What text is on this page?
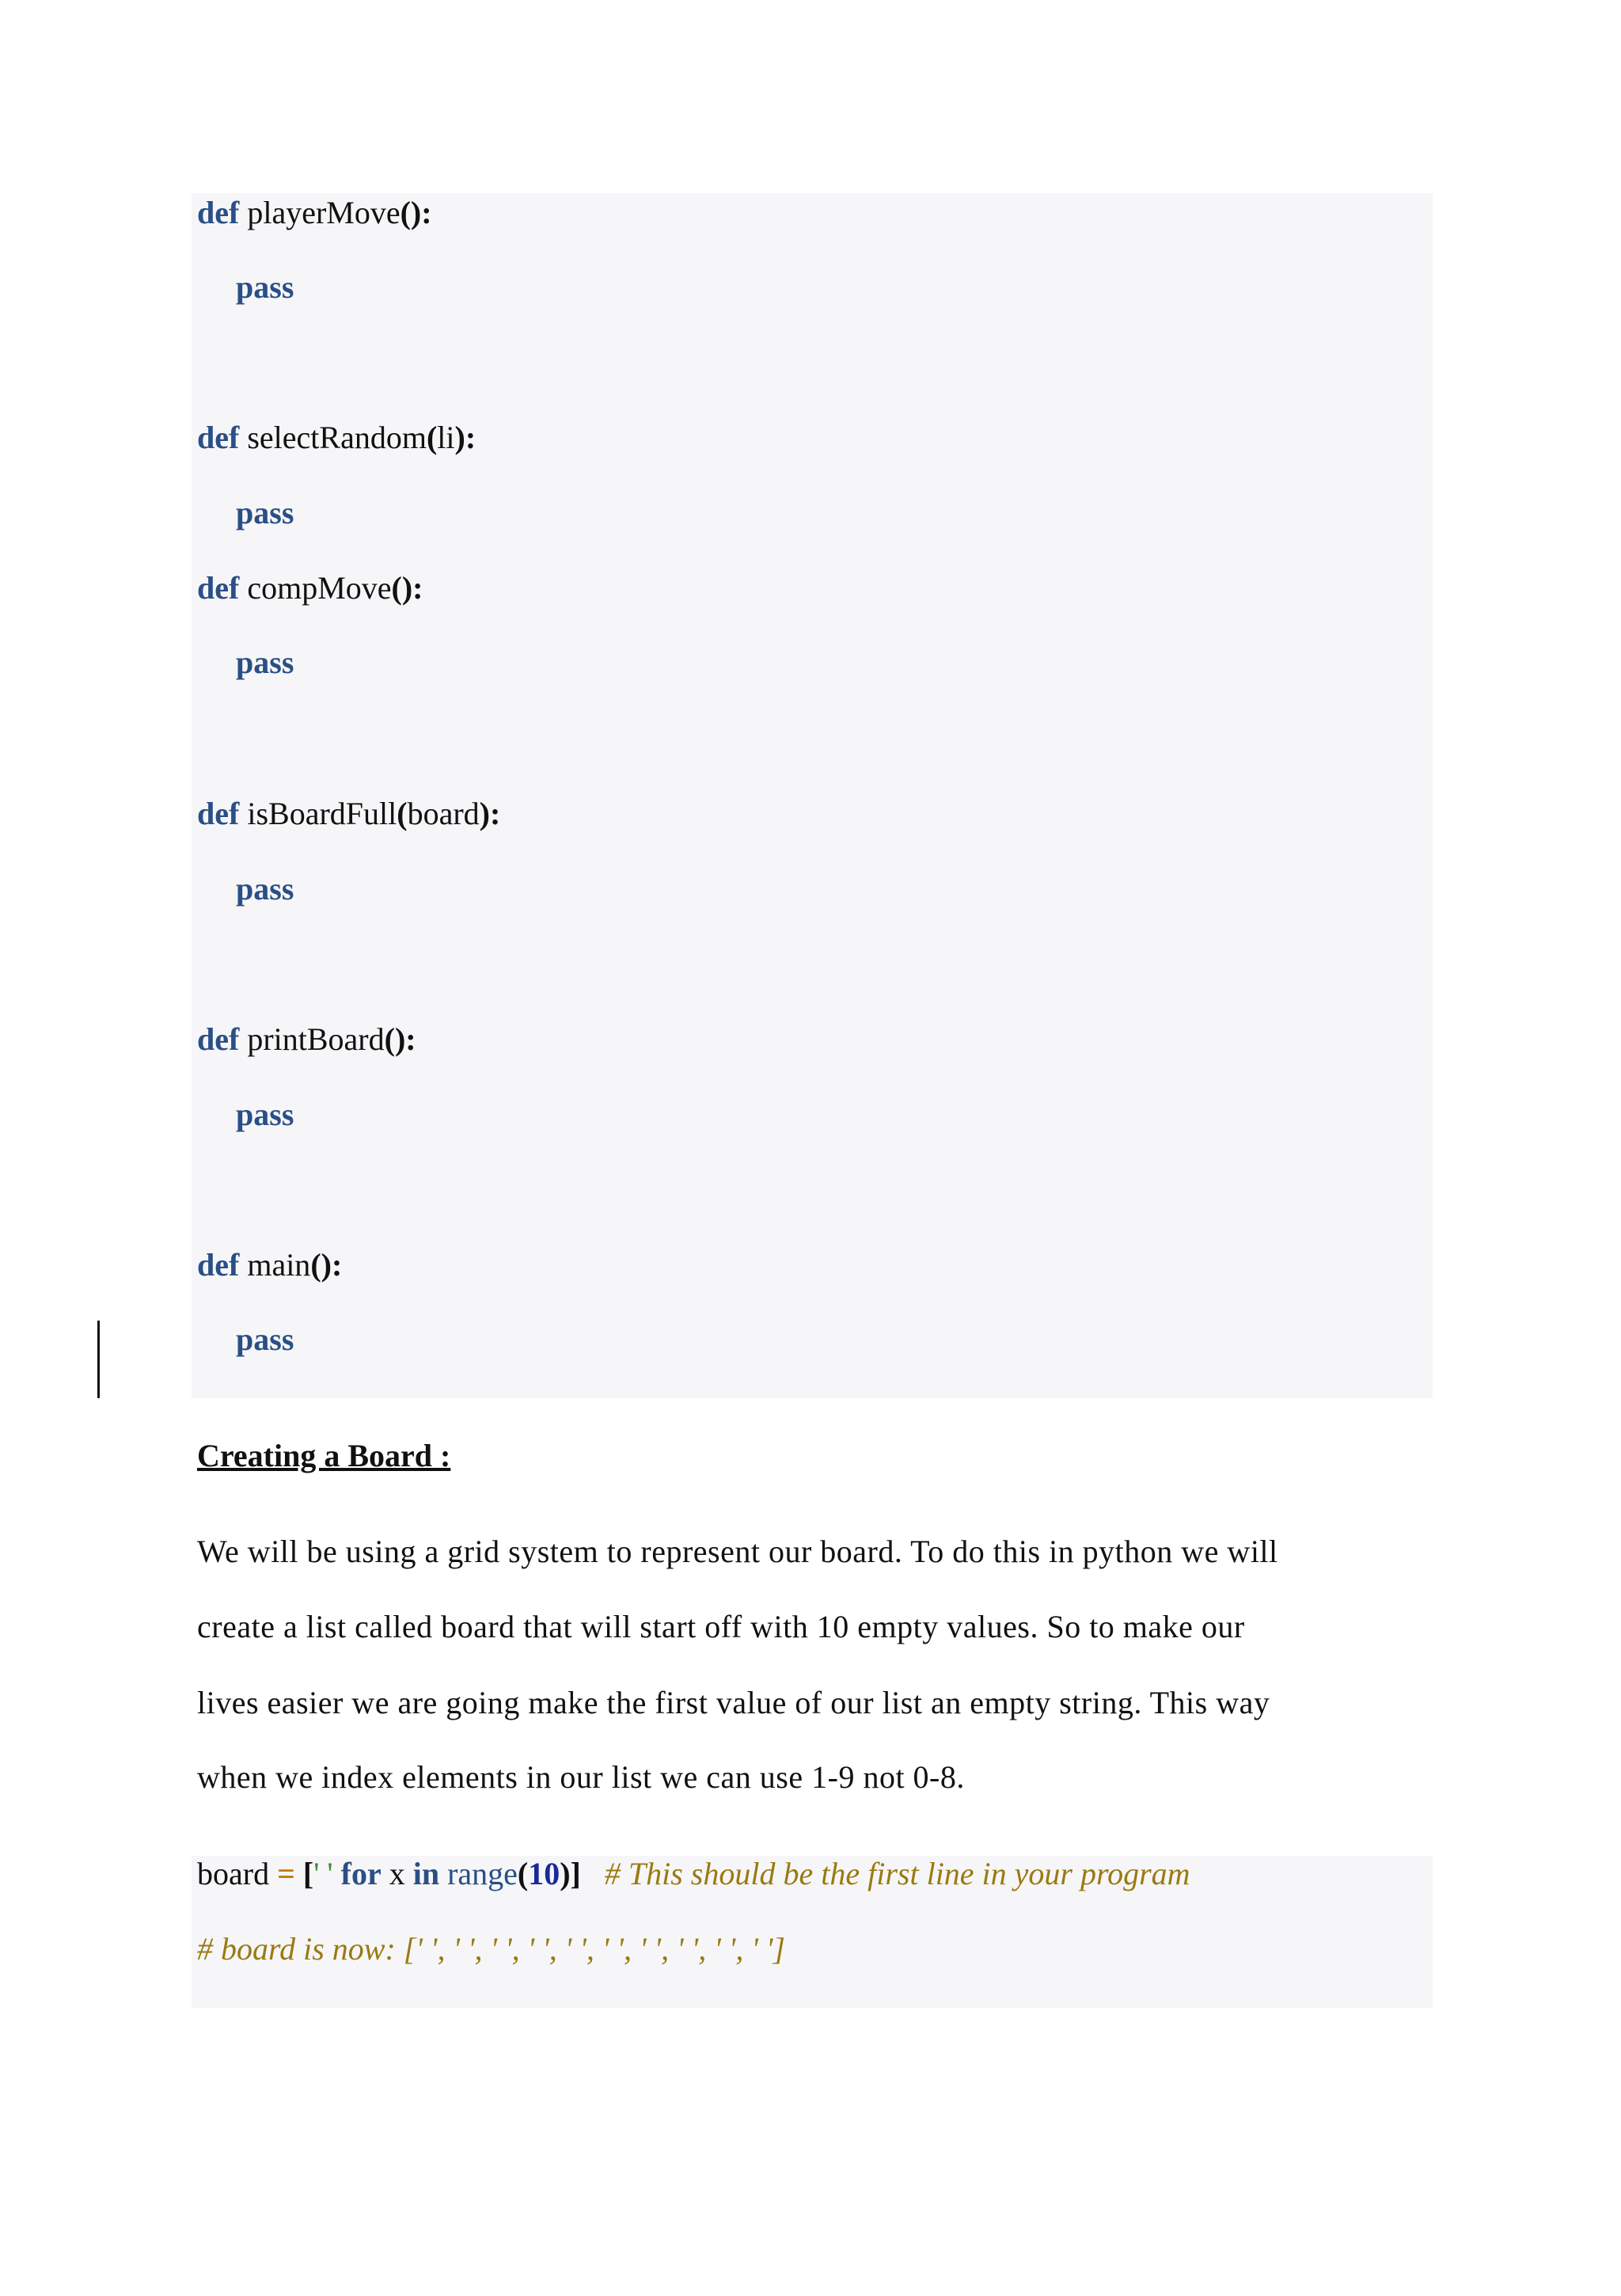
def playerMove():
pass
def selectRandom(li):
pass
def compMove():
pass
def isBoardFull(board):
pass
def printBoard():
pass
def main():
pass
Creating a Board :
We will be using a grid system to represent our board. To do this in python we will
create a list called board that will start off with 10 empty values. So to make our
lives easier we are going make the first value of our list an empty string. This way
when we index elements in our list we can use 1-9 not 0-8.
board = [' ' for x in range(10)]   # This should be the first line in your program
# board is now: [' ', ' ', ' ', ' ', ' ', ' ', ' ', ' ', ' ', ' ']
